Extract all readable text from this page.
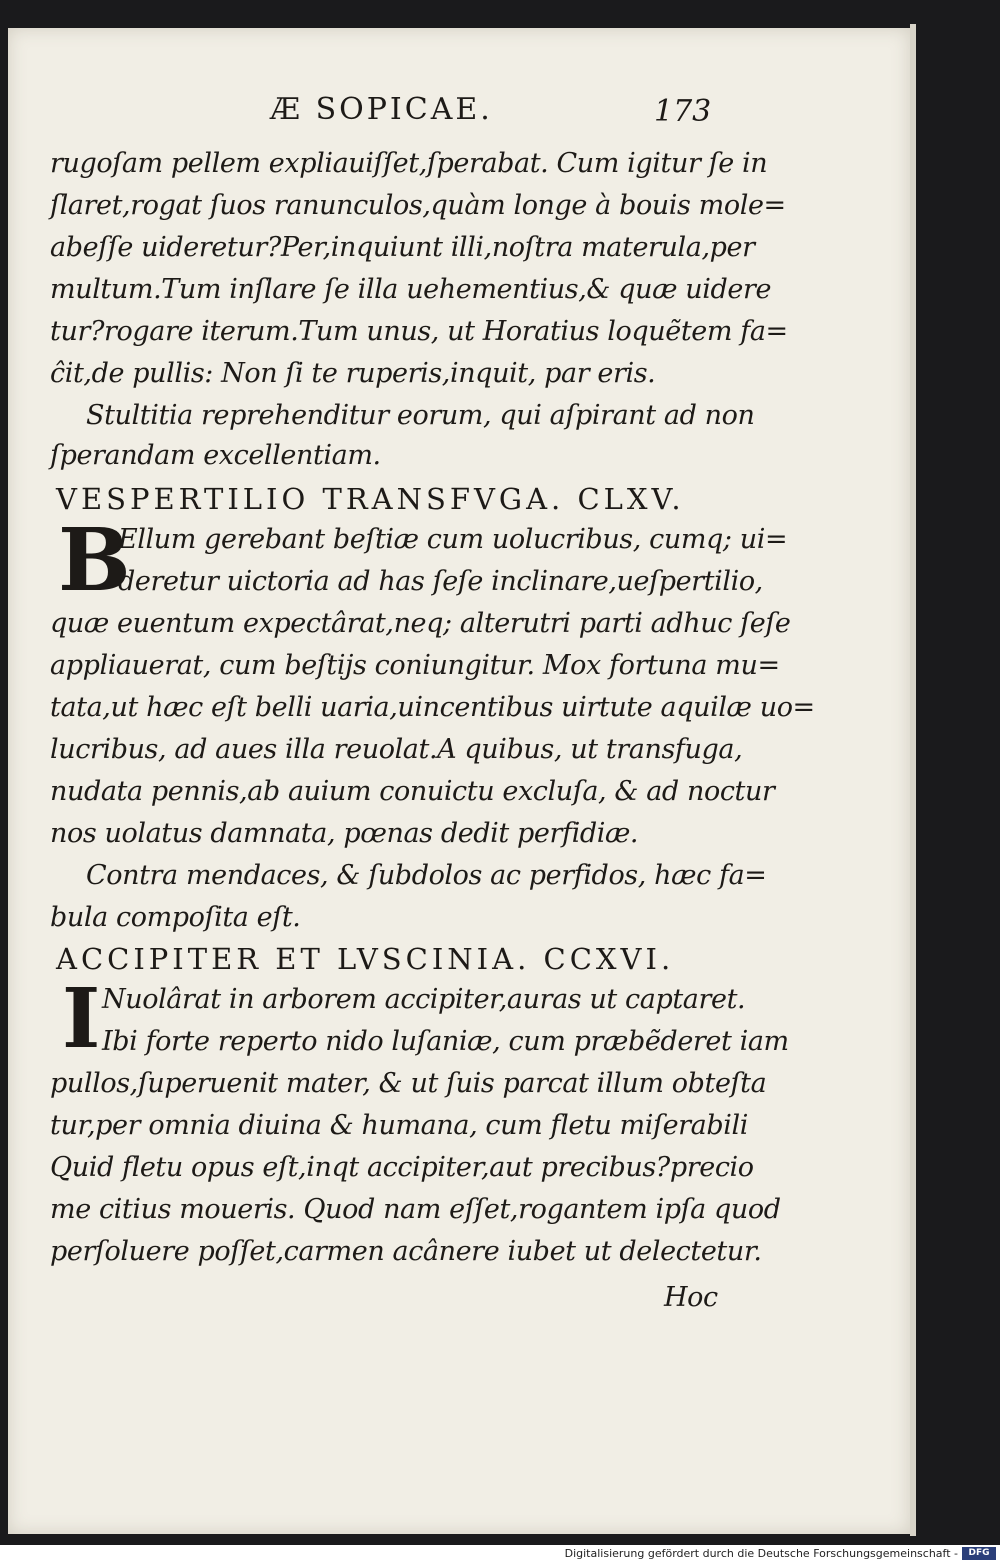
Æ SOPICAE.	173
rugoſam pellem expliauiſſet,ſperabat. Cum igitur ſe in
ſlaret,rogat ſuos ranunculos,quàm longe à bouis mole=
abeſſe uideretur?Per,inquiunt illi,noſtra materula,per
multum.Tum inſlare ſe illa uehementius,& quæ uidere
tur?rogare iterum.Tum unus, ut Horatius loquẽtem fa=
ĉit,de pullis: Non ſi te ruperis,inquit, par eris.
Stultitia reprehenditur eorum, qui aſpirant ad non
ſperandam excellentiam.
VESPERTILIO TRANSFVGA. CLXV.
B
Ellum gerebant beſtiæ cum uolucribus, cumq; ui=
deretur uictoria ad has ſeſe inclinare,ueſpertilio,
quæ euentum expectârat,neq; alterutri parti adhuc ſeſe
appliauerat, cum beſtijs coniungitur. Mox fortuna mu=
tata,ut hæc eſt belli uaria,uincentibus uirtute aquilæ uo=
lucribus, ad aues illa reuolat.A quibus, ut transfuga,
nudata pennis,ab auium conuictu excluſa, & ad noctur
nos uolatus damnata, pœnas dedit perfidiæ.
Contra mendaces, & ſubdolos ac perfidos, hæc fa=
bula compoſita eſt.
ACCIPITER ET LVSCINIA. CCXVI.
I Nuolârat in arborem accipiter,auras ut captaret.
Ibi forte reperto nido luſaniæ, cum præbẽderet iam
pullos,ſuperuenit mater, & ut ſuis parcat illum obteſta
tur,per omnia diuina & humana, cum fletu miſerabili
Quid fletu opus eſt,inqt accipiter,aut precibus?precio
me citius moueris. Quod nam eſſet,rogantem ipſa quod
perſoluere poſſet,carmen acânere iubet ut delectetur.
Hoc
Digitalisierung gefördert durch die Deutsche Forschungsgemeinschaft -	DFG
